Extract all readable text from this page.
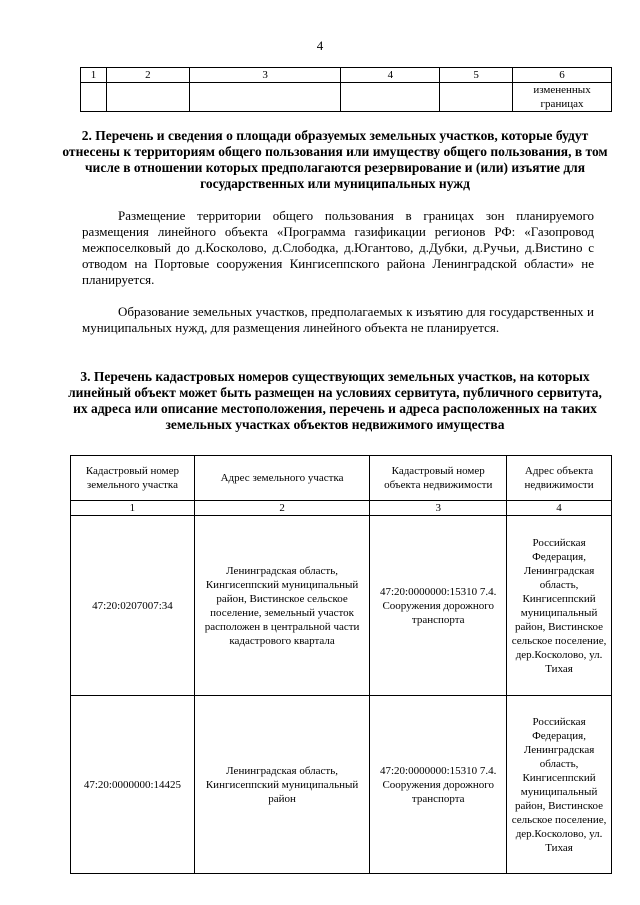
4
1	2	3	4	5	6
					измененных границах
2. Перечень и сведения о площади образуемых земельных участков, которые будут отнесены к территориям общего пользования или имуществу общего пользования, в том числе в отношении которых предполагаются резервирование и (или) изъятие для государственных или муниципальных нужд
Размещение территории общего пользования в границах зон планируемого размещения линейного объекта «Программа газификации регионов РФ: «Газопровод межпоселковый до д.Косколово, д.Слободка, д.Югантово, д.Дубки, д.Ручьи, д.Вистино с отводом на Портовые сооружения Кингисеппского района Ленинградской области» не планируется.
Образование земельных участков, предполагаемых к изъятию для государственных и муниципальных нужд, для размещения линейного объекта не планируется.
3. Перечень кадастровых номеров существующих земельных участков, на которых линейный объект может быть размещен на условиях сервитута, публичного сервитута, их адреса или описание местоположения, перечень и адреса расположенных на таких земельных участках объектов недвижимого имущества
Кадастровый номер земельного участка	Адрес земельного участка	Кадастровый номер объекта недвижимости	Адрес объекта недвижимости
1	2	3	4
47:20:0207007:34	Ленинградская область, Кингисеппский муниципальный район, Вистинское сельское поселение, земельный участок расположен в центральной части кадастрового квартала	47:20:0000000:15310 7.4. Сооружения дорожного транспорта	Российская Федерация, Ленинградская область, Кингисеппский муниципальный район, Вистинское сельское поселение, дер.Косколово, ул. Тихая
47:20:0000000:14425	Ленинградская область, Кингисеппский муниципальный район	47:20:0000000:15310 7.4. Сооружения дорожного транспорта	Российская Федерация, Ленинградская область, Кингисеппский муниципальный район, Вистинское сельское поселение, дер.Косколово, ул. Тихая
